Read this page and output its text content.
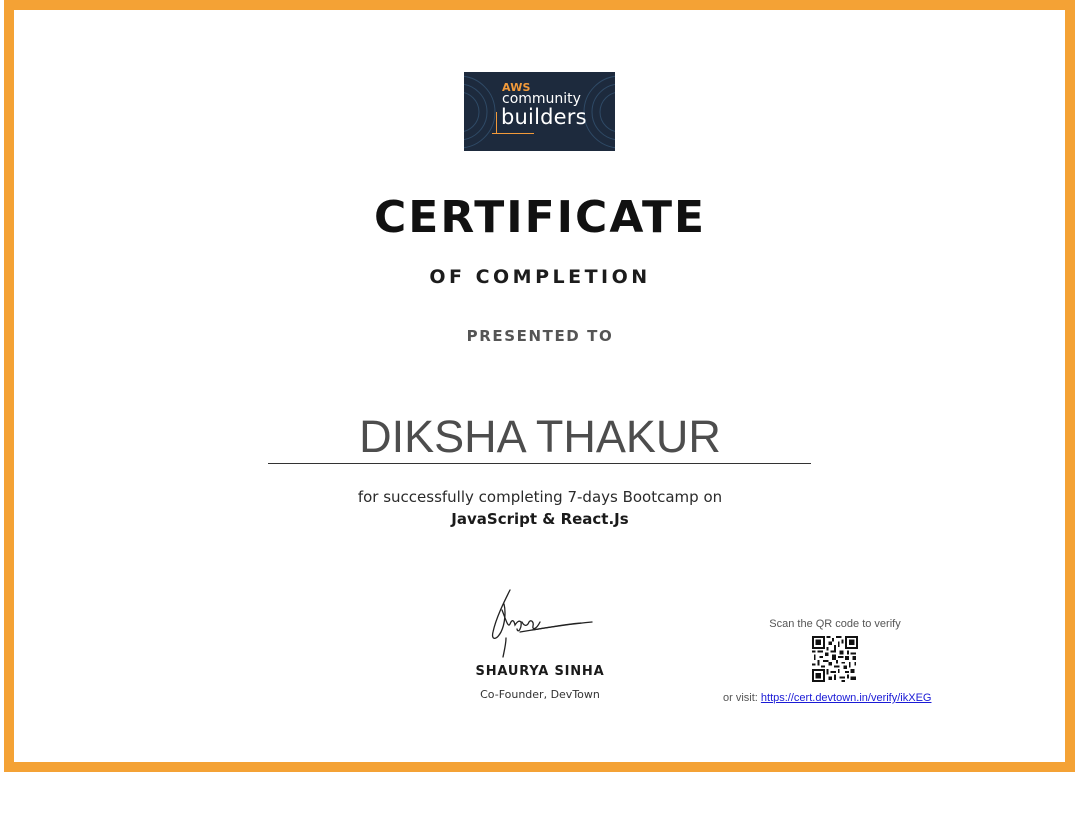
AWS
community
builders
CERTIFICATE
OF COMPLETION
PRESENTED TO
DIKSHA THAKUR
for successfully completing 7-days Bootcamp on
JavaScript & React.Js
SHAURYA SINHA
Co-Founder, DevTown
Scan the QR code to verify
or visit: https://cert.devtown.in/verify/ikXEG
